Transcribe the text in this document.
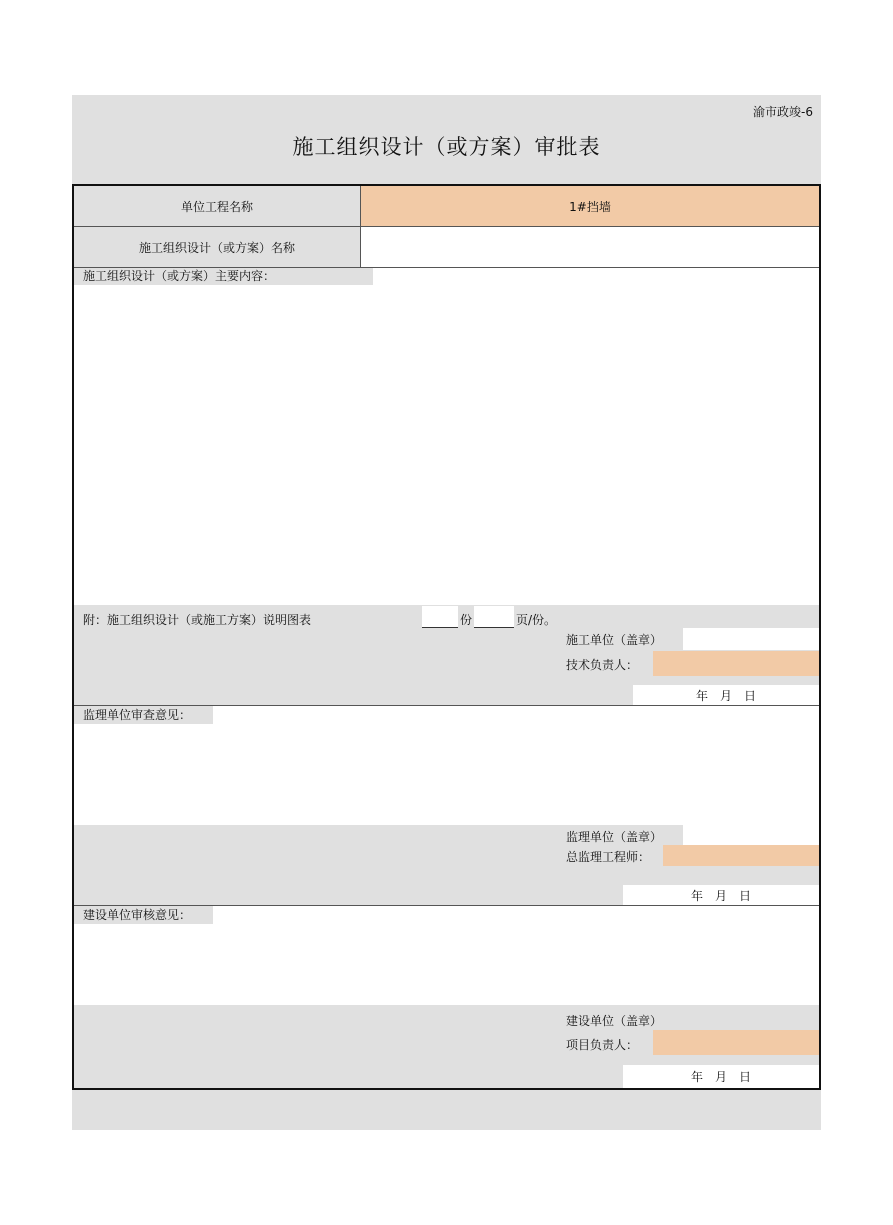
渝市政竣-6
施工组织设计（或方案）审批表
单位工程名称	1#挡墙
施工组织设计（或方案）名称
施工组织设计（或方案）主要内容：
附：施工组织设计（或施工方案）说明图表	份	页/份。
施工单位（盖章）
技术负责人：
年　月　日
监理单位审查意见：
监理单位（盖章）
总监理工程师：
年　月　日
建设单位审核意见：
建设单位（盖章）
项目负责人：
年　月　日
